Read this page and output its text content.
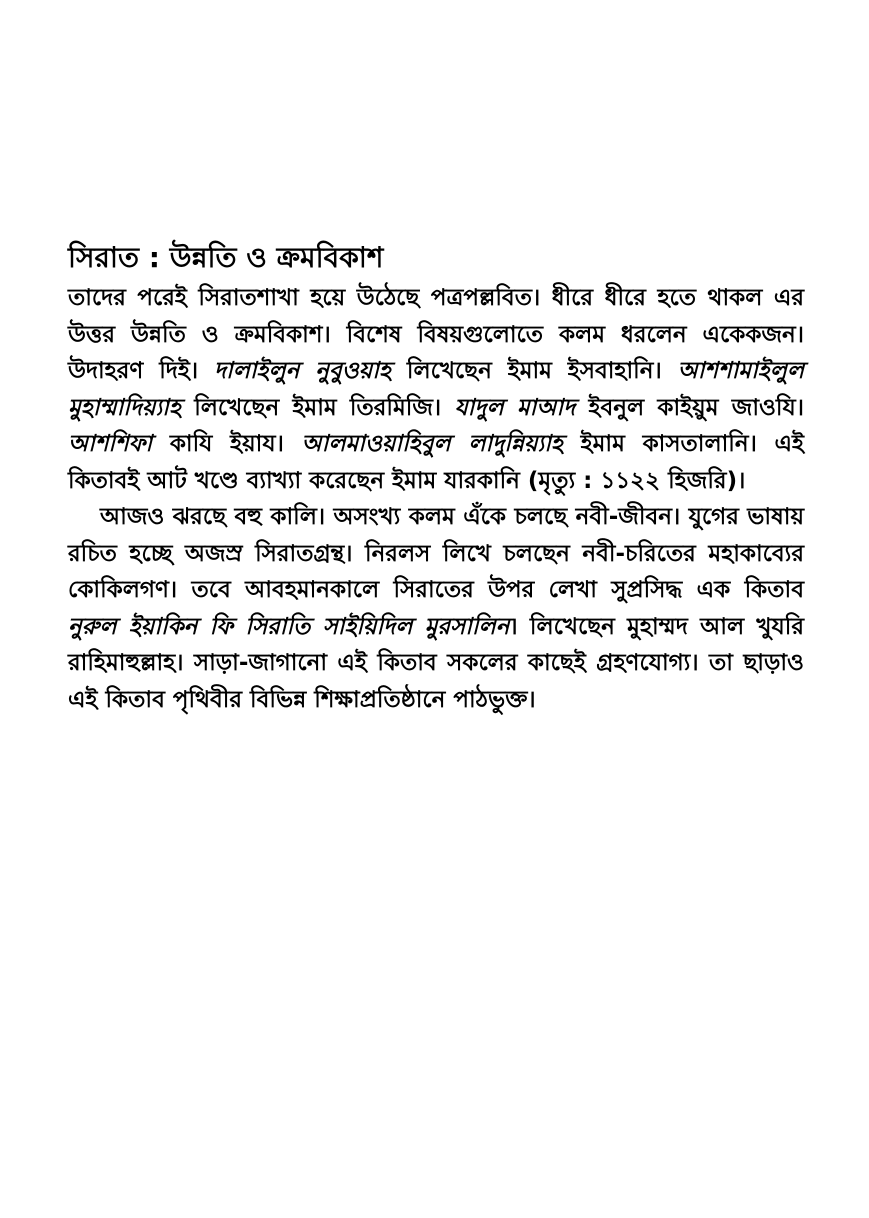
সিরাত : উন্নতি ও ক্রমবিকাশ

তাদের পরেই সিরাতশাখা হয়ে উঠেছে পত্রপল্লবিত। ধীরে ধীরে হতে থাকল এর উত্তর উন্নতি ও ক্রমবিকাশ। বিশেষ বিষয়গুলোতে কলম ধরলেন একেকজন। উদাহরণ দিই। দালাইলুন নুবুওয়াহ লিখেছেন ইমাম ইসবাহানি। আশশামাইলুল মুহাম্মাদিয়্যাহ লিখেছেন ইমাম তিরমিজি। যাদুল মাআদ ইবনুল কাইয়ুম জাওযি। আশশিফা কাযি ইয়ায। আলমাওয়াহিবুল লাদুন্নিয়্যাহ ইমাম কাসতালানি। এই কিতাবই আট খণ্ডে ব্যাখ্যা করেছেন ইমাম যারকানি (মৃত্যু : ১১২২ হিজরি)।

আজও ঝরছে বহু কালি। অসংখ্য কলম এঁকে চলছে নবী-জীবন। যুগের ভাষায় রচিত হচ্ছে অজস্র সিরাতগ্রন্থ। নিরলস লিখে চলছেন নবী-চরিতের মহাকাব্যের কোকিলগণ। তবে আবহমানকালে সিরাতের উপর লেখা সুপ্রসিদ্ধ এক কিতাব নুরুল ইয়াকিন ফি সিরাতি সাইয়িদিল মুরসালিন। লিখেছেন মুহাম্মদ আল খুযরি রাহিমাহুল্লাহ। সাড়া-জাগানো এই কিতাব সকলের কাছেই গ্রহণযোগ্য। তা ছাড়াও এই কিতাব পৃথিবীর বিভিন্ন শিক্ষাপ্রতিষ্ঠানে পাঠভুক্ত।
